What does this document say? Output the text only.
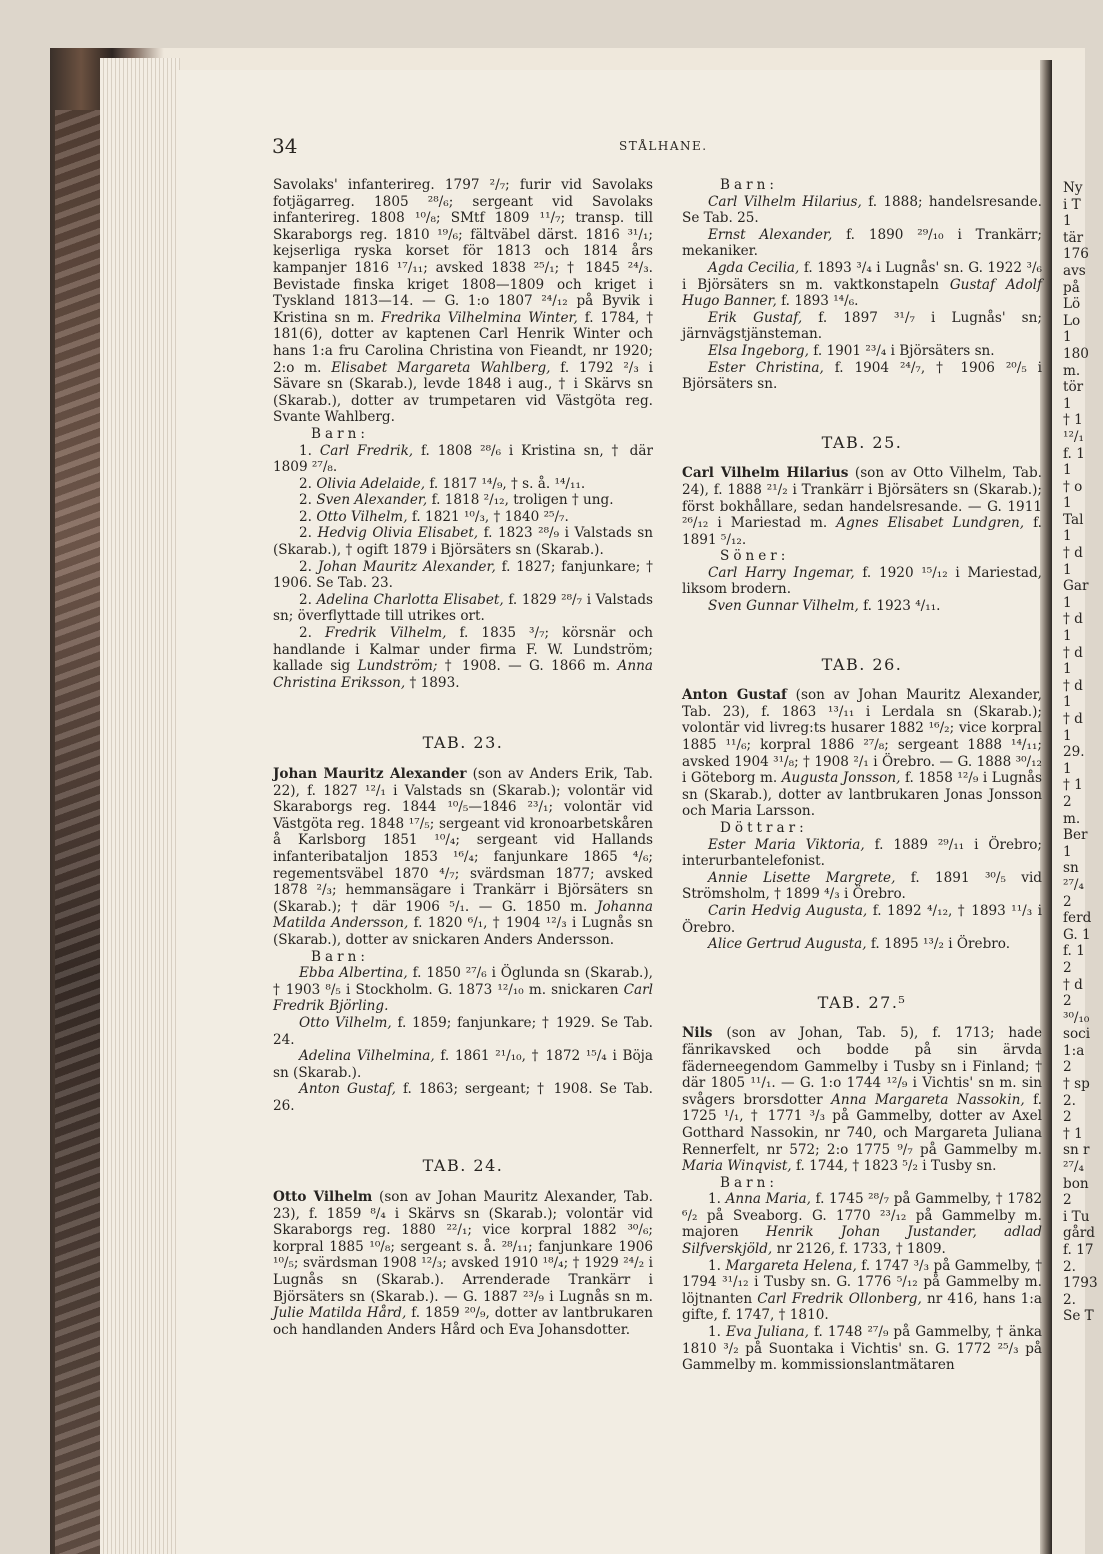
34	STÅLHANE.

Savolaks' infanterireg. 1797 ²/₇; furir vid Savolaks fotjägarreg. 1805 ²⁸/₆; sergeant vid Savolaks infanterireg. 1808 ¹⁰/₈; SMtf 1809 ¹¹/₇; transp. till Skaraborgs reg. 1810 ¹⁹/₆; fältväbel därst. 1816 ³¹/₁; kejserliga ryska korset för 1813 och 1814 års kampanjer 1816 ¹⁷/₁₁; avsked 1838 ²⁵/₁; † 1845 ²⁴/₃. Bevistade finska kriget 1808—1809 och kriget i Tyskland 1813—14. — G. 1:o 1807 ²⁴/₁₂ på Byvik i Kristina sn m. Fredrika Vilhelmina Winter, f. 1784, † 181(6), dotter av kaptenen Carl Henrik Winter och hans 1:a fru Carolina Christina von Fieandt, nr 1920; 2:o m. Elisabet Margareta Wahlberg, f. 1792 ²/₃ i Sävare sn (Skarab.), levde 1848 i aug., † i Skärvs sn (Skarab.), dotter av trumpetaren vid Västgöta reg. Svante Wahlberg.

Barn:

1. Carl Fredrik, f. 1808 ²⁸/₆ i Kristina sn, † där 1809 ²⁷/₈.

2. Olivia Adelaide, f. 1817 ¹⁴/₉, † s. å. ¹⁴/₁₁.

2. Sven Alexander, f. 1818 ²/₁₂, troligen † ung.

2. Otto Vilhelm, f. 1821 ¹⁰/₃, † 1840 ²⁵/₇.

2. Hedvig Olivia Elisabet, f. 1823 ²⁸/₉ i Valstads sn (Skarab.), † ogift 1879 i Björsäters sn (Skarab.).

2. Johan Mauritz Alexander, f. 1827; fanjunkare; † 1906. Se Tab. 23.

2. Adelina Charlotta Elisabet, f. 1829 ²⁸/₇ i Valstads sn; överflyttade till utrikes ort.

2. Fredrik Vilhelm, f. 1835 ³/₇; körsnär och handlande i Kalmar under firma F. W. Lundström; kallade sig Lundström; † 1908. — G. 1866 m. Anna Christina Eriksson, † 1893.

TAB. 23.

Johan Mauritz Alexander (son av Anders Erik, Tab. 22), f. 1827 ¹²/₁ i Valstads sn (Skarab.); volontär vid Skaraborgs reg. 1844 ¹⁰/₅—1846 ²³/₁; volontär vid Västgöta reg. 1848 ¹⁷/₅; sergeant vid kronoarbetskåren å Karlsborg 1851 ¹⁰/₄; sergeant vid Hallands infanteribataljon 1853 ¹⁶/₄; fanjunkare 1865 ⁴/₆; regementsväbel 1870 ⁴/₇; svärdsman 1877; avsked 1878 ²/₃; hemmansägare i Trankärr i Björsäters sn (Skarab.); † där 1906 ⁵/₁. — G. 1850 m. Johanna Matilda Andersson, f. 1820 ⁶/₁, † 1904 ¹²/₃ i Lugnås sn (Skarab.), dotter av snickaren Anders Andersson.

Barn:

Ebba Albertina, f. 1850 ²⁷/₆ i Öglunda sn (Skarab.), † 1903 ⁸/₅ i Stockholm. G. 1873 ¹²/₁₀ m. snickaren Carl Fredrik Björling.

Otto Vilhelm, f. 1859; fanjunkare; † 1929. Se Tab. 24.

Adelina Vilhelmina, f. 1861 ²¹/₁₀, † 1872 ¹⁵/₄ i Böja sn (Skarab.).

Anton Gustaf, f. 1863; sergeant; † 1908. Se Tab. 26.

TAB. 24.

Otto Vilhelm (son av Johan Mauritz Alexander, Tab. 23), f. 1859 ⁸/₄ i Skärvs sn (Skarab.); volontär vid Skaraborgs reg. 1880 ²²/₁; vice korpral 1882 ³⁰/₆; korpral 1885 ¹⁰/₈; sergeant s. å. ²⁸/₁₁; fanjunkare 1906 ¹⁰/₅; svärdsman 1908 ¹²/₃; avsked 1910 ¹⁸/₄; † 1929 ²⁴/₂ i Lugnås sn (Skarab.). Arrenderade Trankärr i Björsäters sn (Skarab.). — G. 1887 ²³/₉ i Lugnås sn m. Julie Matilda Hård, f. 1859 ²⁰/₉, dotter av lantbrukaren och handlanden Anders Hård och Eva Johansdotter.

Barn:

Carl Vilhelm Hilarius, f. 1888; handelsresande. Se Tab. 25.

Ernst Alexander, f. 1890 ²⁹/₁₀ i Trankärr; mekaniker.

Agda Cecilia, f. 1893 ³/₄ i Lugnås' sn. G. 1922 ³/₆ i Björsäters sn m. vaktkonstapeln Gustaf Adolf Hugo Banner, f. 1893 ¹⁴/₆.

Erik Gustaf, f. 1897 ³¹/₇ i Lugnås' sn; järnvägstjänsteman.

Elsa Ingeborg, f. 1901 ²³/₄ i Björsäters sn.

Ester Christina, f. 1904 ²⁴/₇, † 1906 ²⁰/₅ i Björsäters sn.

TAB. 25.

Carl Vilhelm Hilarius (son av Otto Vilhelm, Tab. 24), f. 1888 ²¹/₂ i Trankärr i Björsäters sn (Skarab.); först bokhållare, sedan handelsresande. — G. 1911 ²⁶/₁₂ i Mariestad m. Agnes Elisabet Lundgren, f. 1891 ⁵/₁₂.

Söner:

Carl Harry Ingemar, f. 1920 ¹⁵/₁₂ i Mariestad, liksom brodern.

Sven Gunnar Vilhelm, f. 1923 ⁴/₁₁.

TAB. 26.

Anton Gustaf (son av Johan Mauritz Alexander, Tab. 23), f. 1863 ¹³/₁₁ i Lerdala sn (Skarab.); volontär vid livreg:ts husarer 1882 ¹⁶/₂; vice korpral 1885 ¹¹/₆; korpral 1886 ²⁷/₈; sergeant 1888 ¹⁴/₁₁; avsked 1904 ³¹/₈; † 1908 ²/₁ i Örebro. — G. 1888 ³⁰/₁₂ i Göteborg m. Augusta Jonsson, f. 1858 ¹²/₉ i Lugnås sn (Skarab.), dotter av lantbrukaren Jonas Jonsson och Maria Larsson.

Döttrar:

Ester Maria Viktoria, f. 1889 ²⁹/₁₁ i Örebro; interurbantelefonist.

Annie Lisette Margrete, f. 1891 ³⁰/₅ vid Strömsholm, † 1899 ⁴/₃ i Örebro.

Carin Hedvig Augusta, f. 1892 ⁴/₁₂, † 1893 ¹¹/₃ i Örebro.

Alice Gertrud Augusta, f. 1895 ¹³/₂ i Örebro.

TAB. 27.⁵

Nils (son av Johan, Tab. 5), f. 1713; hade fänrikavsked och bodde på sin ärvda fäderneegendom Gammelby i Tusby sn i Finland; † där 1805 ¹¹/₁. — G. 1:o 1744 ¹²/₉ i Vichtis' sn m. sin svågers brorsdotter Anna Margareta Nassokin, f. 1725 ¹/₁, † 1771 ³/₃ på Gammelby, dotter av Axel Gotthard Nassokin, nr 740, och Margareta Juliana Rennerfelt, nr 572; 2:o 1775 ⁹/₇ på Gammelby m. Maria Winqvist, f. 1744, † 1823 ⁵/₂ i Tusby sn.

Barn:

1. Anna Maria, f. 1745 ²⁸/₇ på Gammelby, † 1782 ⁶/₂ på Sveaborg. G. 1770 ²³/₁₂ på Gammelby m. majoren Henrik Johan Justander, adlad Silfverskjöld, nr 2126, f. 1733, † 1809.

1. Margareta Helena, f. 1747 ³/₃ på Gammelby, † 1794 ³¹/₁₂ i Tusby sn. G. 1776 ⁵/₁₂ på Gammelby m. löjtnanten Carl Fredrik Ollonberg, nr 416, hans 1:a gifte, f. 1747, † 1810.

1. Eva Juliana, f. 1748 ²⁷/₉ på Gammelby, † änka 1810 ³/₂ på Suontaka i Vichtis' sn. G. 1772 ²⁵/₃ på Gammelby m. kommissionslantmätaren

Ny
i T
1
tär
176
avs
på
Lö
Lo
1
180
m.
tör
1
† 1
¹²/₁
f. 1
1
† o
1
Tal
1
† d
1
Gar
1
† d
1
† d
1
† d
1
† d
1
29.
1
† 1
2
m.
Ber
1
sn
²⁷/₄
2
ferd
G. 1
f. 1
2
† d
2
³⁰/₁₀
soci
1:a
2
† sp
2.
2
† 1
sn r
²⁷/₄
bon
2
i Tu
gård
f. 17
2.
1793
2.
Se T
